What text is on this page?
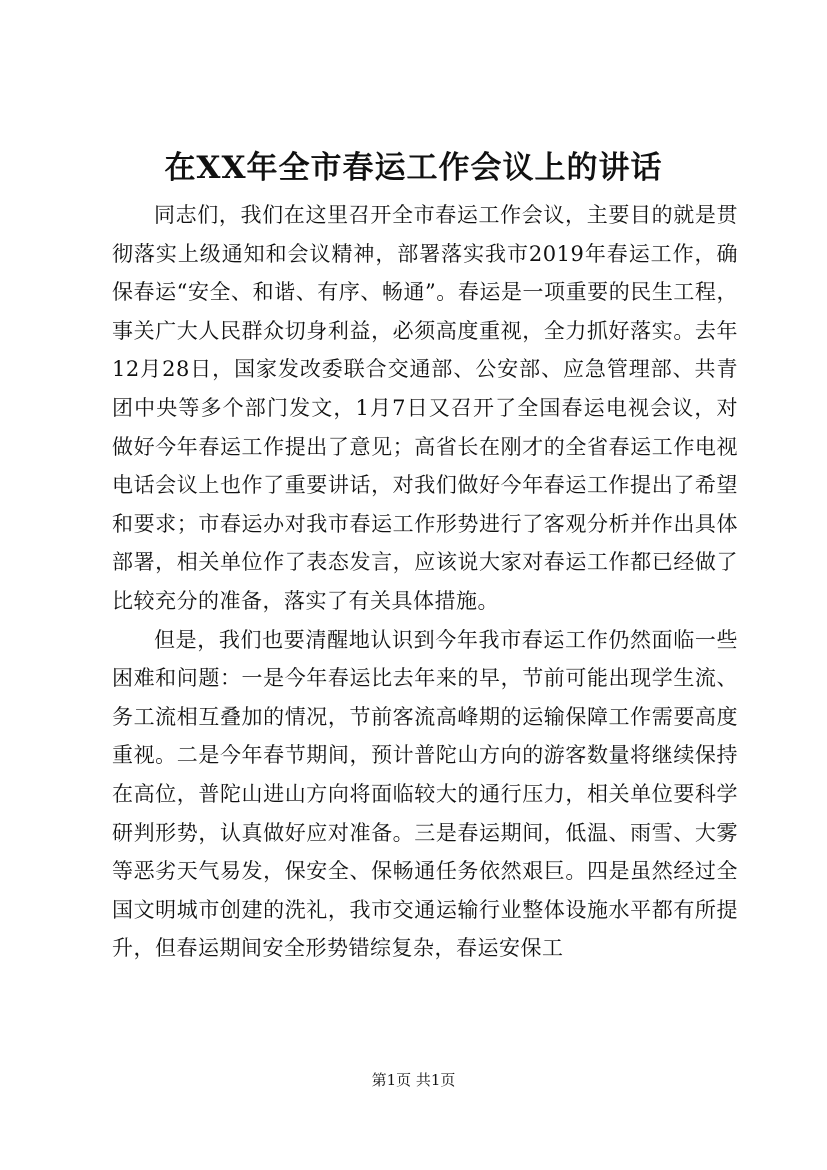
在XX年全市春运工作会议上的讲话

同志们，我们在这里召开全市春运工作会议，主要目的就是贯彻落实上级通知和会议精神，部署落实我市2019年春运工作，确保春运“安全、和谐、有序、畅通”。春运是一项重要的民生工程，事关广大人民群众切身利益，必须高度重视，全力抓好落实。去年12月28日，国家发改委联合交通部、公安部、应急管理部、共青团中央等多个部门发文，1月7日又召开了全国春运电视会议，对做好今年春运工作提出了意见；高省长在刚才的全省春运工作电视电话会议上也作了重要讲话，对我们做好今年春运工作提出了希望和要求；市春运办对我市春运工作形势进行了客观分析并作出具体部署，相关单位作了表态发言，应该说大家对春运工作都已经做了比较充分的准备，落实了有关具体措施。

但是，我们也要清醒地认识到今年我市春运工作仍然面临一些困难和问题：一是今年春运比去年来的早，节前可能出现学生流、务工流相互叠加的情况，节前客流高峰期的运输保障工作需要高度重视。二是今年春节期间，预计普陀山方向的游客数量将继续保持在高位，普陀山进山方向将面临较大的通行压力，相关单位要科学研判形势，认真做好应对准备。三是春运期间，低温、雨雪、大雾等恶劣天气易发，保安全、保畅通任务依然艰巨。四是虽然经过全国文明城市创建的洗礼，我市交通运输行业整体设施水平都有所提升，但春运期间安全形势错综复杂，春运安保工

第1页 共1页
